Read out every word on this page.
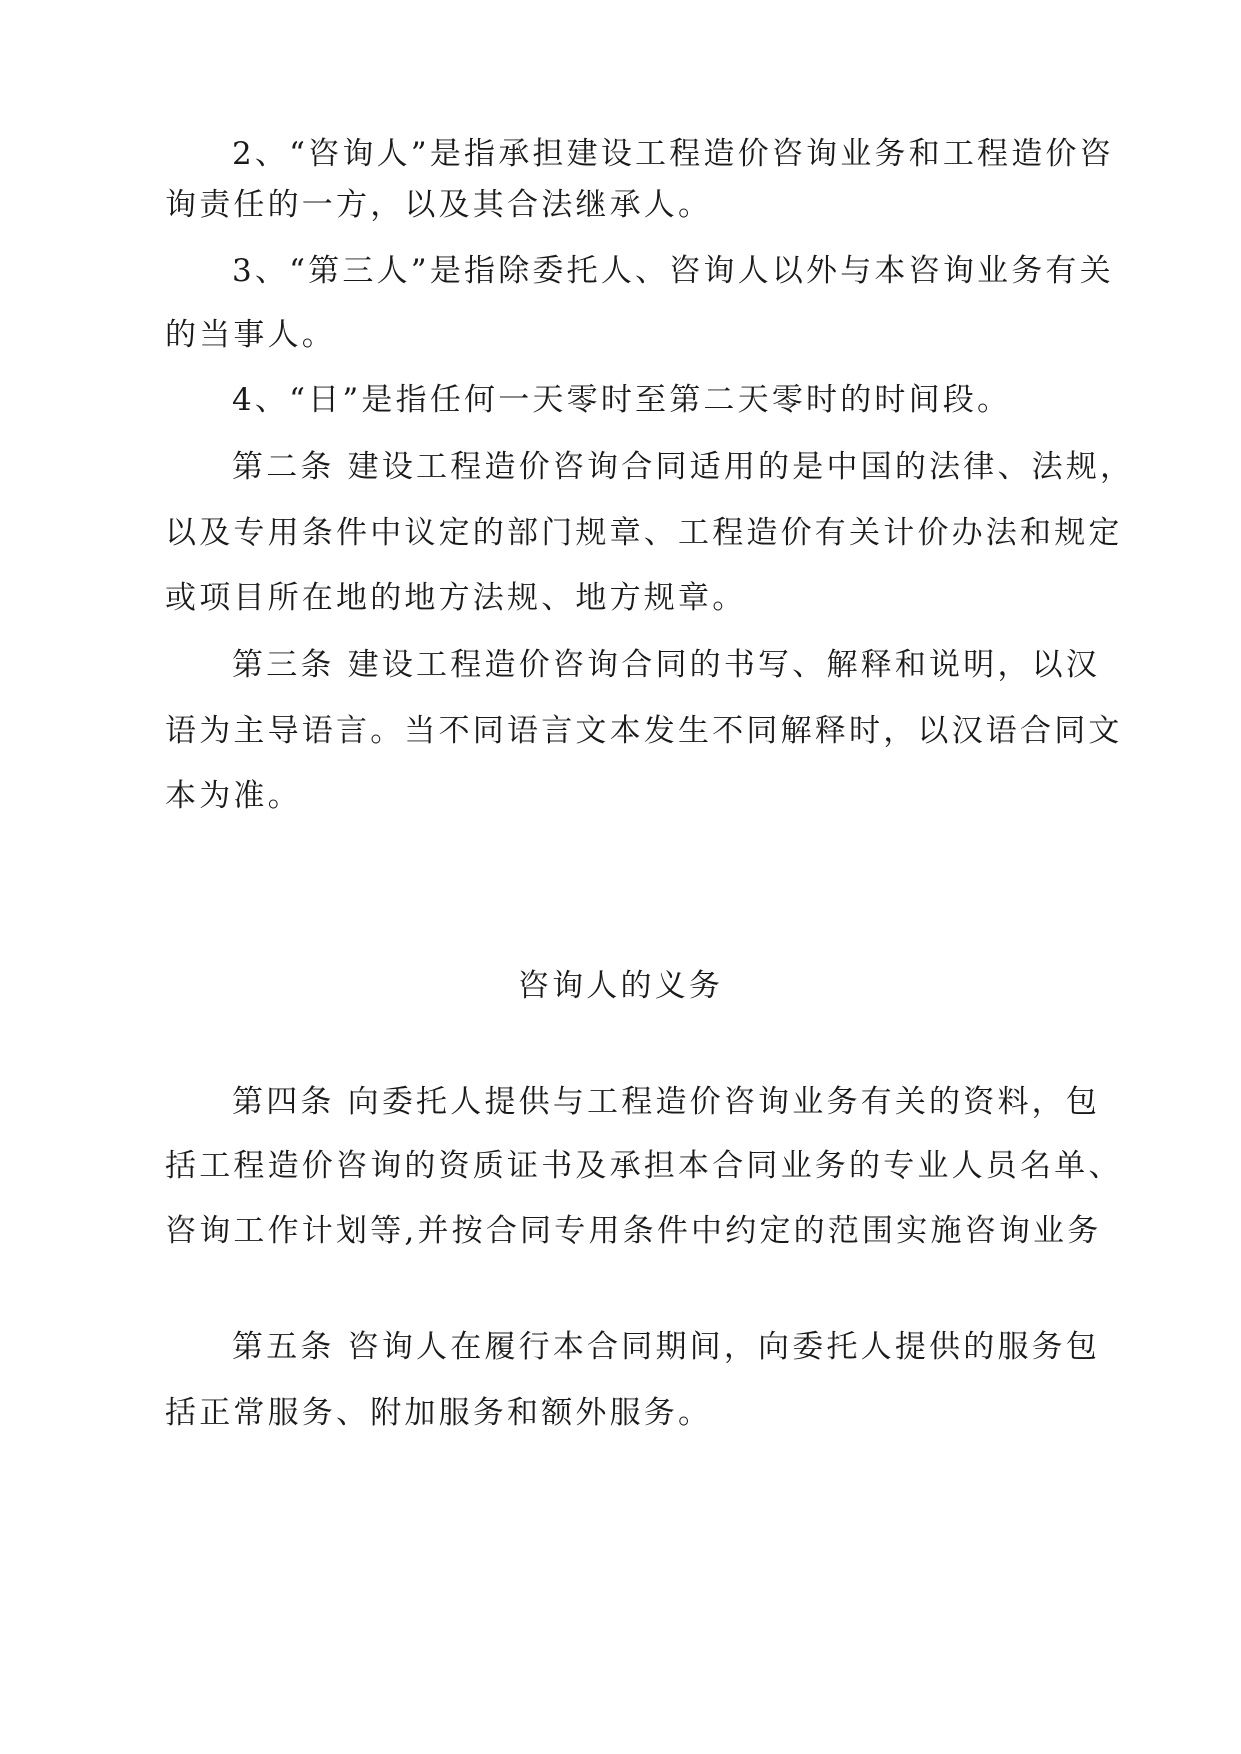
2、“咨询人”是指承担建设工程造价咨询业务和工程造价咨
询责任的一方，以及其合法继承人。
3、“第三人”是指除委托人、咨询人以外与本咨询业务有关
的当事人。
4、“日”是指任何一天零时至第二天零时的时间段。
第二条 建设工程造价咨询合同适用的是中国的法律、法规，
以及专用条件中议定的部门规章、工程造价有关计价办法和规定
或项目所在地的地方法规、地方规章。
第三条 建设工程造价咨询合同的书写、解释和说明，以汉
语为主导语言。当不同语言文本发生不同解释时，以汉语合同文
本为准。
咨询人的义务
第四条 向委托人提供与工程造价咨询业务有关的资料，包
括工程造价咨询的资质证书及承担本合同业务的专业人员名单、
咨询工作计划等,并按合同专用条件中约定的范围实施咨询业务
第五条 咨询人在履行本合同期间，向委托人提供的服务包
括正常服务、附加服务和额外服务。
